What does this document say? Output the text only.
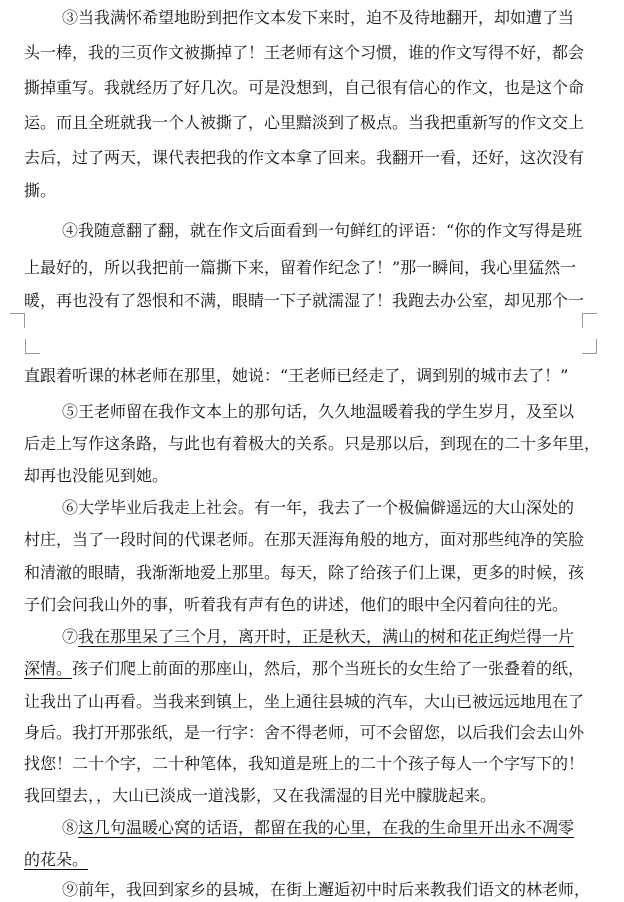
③当我满怀希望地盼到把作文本发下来时，迫不及待地翻开，却如遭了当
头一棒，我的三页作文被撕掉了！王老师有这个习惯，谁的作文写得不好，都会
撕掉重写。我就经历了好几次。可是没想到，自己很有信心的作文，也是这个命
运。而且全班就我一个人被撕了，心里黯淡到了极点。当我把重新写的作文交上
去后，过了两天，课代表把我的作文本拿了回来。我翻开一看，还好，这次没有
撕。
④我随意翻了翻，就在作文后面看到一句鲜红的评语：“你的作文写得是班
上最好的，所以我把前一篇撕下来，留着作纪念了！”那一瞬间，我心里猛然一
暖，再也没有了怨恨和不满，眼睛一下子就濡湿了！我跑去办公室，却见那个一
直跟着听课的林老师在那里，她说：“王老师已经走了，调到别的城市去了！”
⑤王老师留在我作文本上的那句话，久久地温暖着我的学生岁月，及至以
后走上写作这条路，与此也有着极大的关系。只是那以后，到现在的二十多年里，
却再也没能见到她。
⑥大学毕业后我走上社会。有一年，我去了一个极偏僻遥远的大山深处的
村庄，当了一段时间的代课老师。在那天涯海角般的地方，面对那些纯净的笑脸
和清澈的眼睛，我渐渐地爱上那里。每天，除了给孩子们上课，更多的时候，孩
子们会问我山外的事，听着我有声有色的讲述，他们的眼中全闪着向往的光。
⑦我在那里呆了三个月，离开时，正是秋天，满山的树和花正绚烂得一片
深情。孩子们爬上前面的那座山，然后，那个当班长的女生给了一张叠着的纸，
让我出了山再看。当我来到镇上，坐上通往县城的汽车，大山已被远远地甩在了
身后。我打开那张纸，是一行字：舍不得老师，可不会留您，以后我们会去山外
找您！二十个字，二十种笔体，我知道是班上的二十个孩子每人一个字写下的！
我回望去，，大山已淡成一道浅影，又在我濡湿的目光中朦胧起来。
⑧这几句温暖心窝的话语，都留在我的心里，在我的生命里开出永不凋零
的花朵。
⑨前年，我回到家乡的县城，在街上邂逅初中时后来教我们语文的林老师，
